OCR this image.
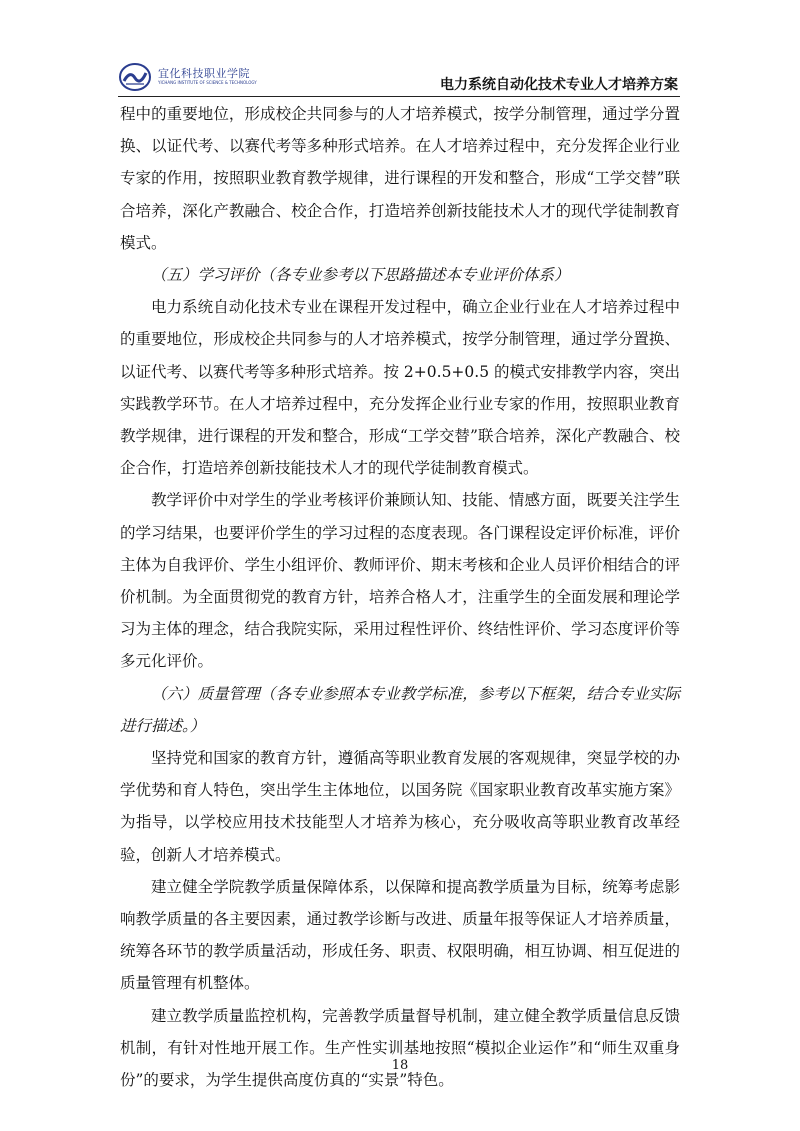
宜化科技职业学院
YICHANG INSTITUTE OF SCIENCE & TECHNOLOGY	电力系统自动化技术专业人才培养方案

程中的重要地位，形成校企共同参与的人才培养模式，按学分制管理，通过学分置换、以证代考、以赛代考等多种形式培养。在人才培养过程中，充分发挥企业行业专家的作用，按照职业教育教学规律，进行课程的开发和整合，形成“工学交替”联合培养，深化产教融合、校企合作，打造培养创新技能技术人才的现代学徒制教育模式。

（五）学习评价（各专业参考以下思路描述本专业评价体系）

电力系统自动化技术专业在课程开发过程中，确立企业行业在人才培养过程中的重要地位，形成校企共同参与的人才培养模式，按学分制管理，通过学分置换、以证代考、以赛代考等多种形式培养。按 2+0.5+0.5 的模式安排教学内容，突出实践教学环节。在人才培养过程中，充分发挥企业行业专家的作用，按照职业教育教学规律，进行课程的开发和整合，形成“工学交替”联合培养，深化产教融合、校企合作，打造培养创新技能技术人才的现代学徒制教育模式。

教学评价中对学生的学业考核评价兼顾认知、技能、情感方面，既要关注学生的学习结果，也要评价学生的学习过程的态度表现。各门课程设定评价标准，评价主体为自我评价、学生小组评价、教师评价、期末考核和企业人员评价相结合的评价机制。为全面贯彻党的教育方针，培养合格人才，注重学生的全面发展和理论学习为主体的理念，结合我院实际，采用过程性评价、终结性评价、学习态度评价等多元化评价。

（六）质量管理（各专业参照本专业教学标准，参考以下框架，结合专业实际进行描述。）

坚持党和国家的教育方针，遵循高等职业教育发展的客观规律，突显学校的办学优势和育人特色，突出学生主体地位，以国务院《国家职业教育改革实施方案》为指导，以学校应用技术技能型人才培养为核心，充分吸收高等职业教育改革经验，创新人才培养模式。

建立健全学院教学质量保障体系，以保障和提高教学质量为目标，统筹考虑影响教学质量的各主要因素，通过教学诊断与改进、质量年报等保证人才培养质量，统筹各环节的教学质量活动，形成任务、职责、权限明确，相互协调、相互促进的质量管理有机整体。

建立教学质量监控机构，完善教学质量督导机制，建立健全教学质量信息反馈机制，有针对性地开展工作。生产性实训基地按照“模拟企业运作”和“师生双重身份”的要求，为学生提供高度仿真的“实景”特色。

18
